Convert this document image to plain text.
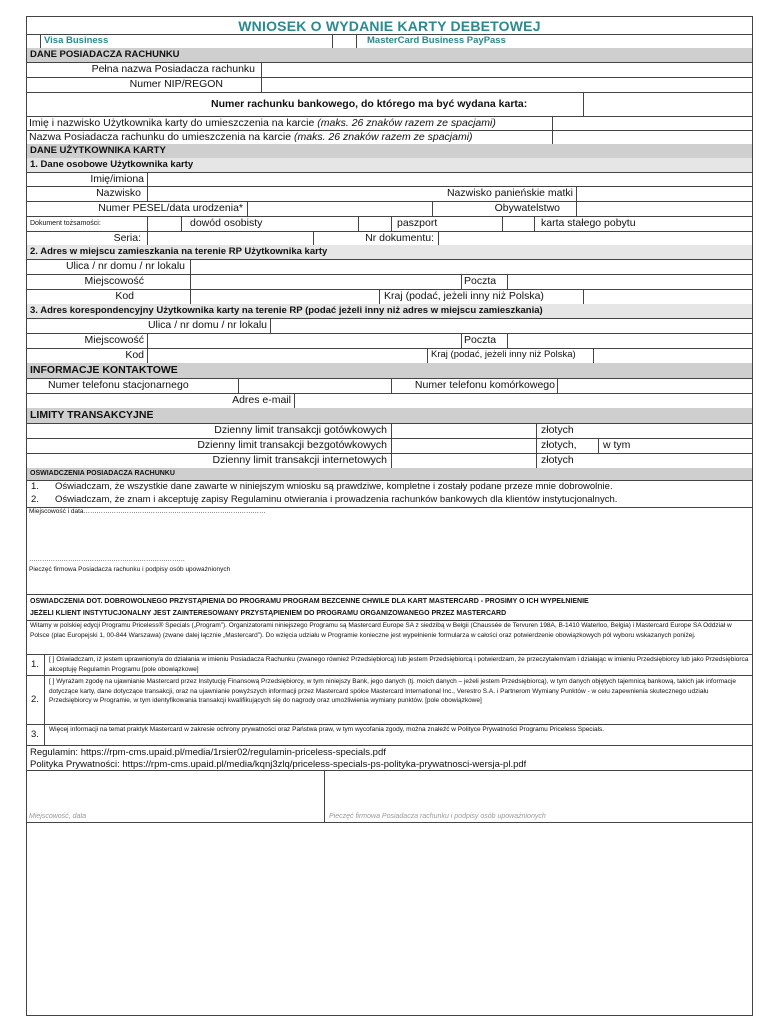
WNIOSEK O WYDANIE KARTY DEBETOWEJ
Visa Business	MasterCard Business PayPass
DANE POSIADACZA RACHUNKU
Pełna nazwa Posiadacza rachunku
Numer NIP/REGON
Numer rachunku bankowego, do którego ma być wydana karta:
Imię i nazwisko Użytkownika karty do umieszczenia na karcie (maks. 26 znaków razem ze spacjami)
Nazwa Posiadacza rachunku do umieszczenia na karcie (maks. 26 znaków razem ze spacjami)
DANE UŻYTKOWNIKA KARTY
1. Dane osobowe Użytkownika karty
Imię/imiona
Nazwisko	Nazwisko panieńskie matki
Numer PESEL/data urodzenia*	Obywatelstwo
Dokument tożsamości:	dowód osobisty	paszport	karta stałego pobytu
Seria:	Nr dokumentu:
2. Adres w miejscu zamieszkania na terenie RP Użytkownika karty
Ulica / nr domu / nr lokalu
Miejscowość	Poczta
Kod	Kraj (podać, jeżeli inny niż Polska)
3. Adres korespondencyjny Użytkownika karty na terenie RP (podać jeżeli inny niż adres w miejscu zamieszkania)
Ulica / nr domu / nr lokalu
Miejscowość	Poczta
Kod	Kraj (podać, jeżeli inny niż Polska)
INFORMACJE KONTAKTOWE
Numer telefonu stacjonarnego	Numer telefonu komórkowego
Adres e-mail
LIMITY TRANSAKCYJNE
Dzienny limit transakcji gotówkowych	złotych
Dzienny limit transakcji bezgotówkowych	złotych,	w tym
Dzienny limit transakcji internetowych	złotych
OŚWIADCZENIA POSIADACZA RACHUNKU
1. Oświadczam, że wszystkie dane zawarte w niniejszym wniosku są prawdziwe, kompletne i zostały podane przeze mnie dobrowolnie.
2. Oświadczam, że znam i akceptuję zapisy Regulaminu otwierania i prowadzenia rachunków bankowych dla klientów instytucjonalnych.
Miejscowość i data…………………………………………………………………………
………………………………………………………………
Pieczęć firmowa Posiadacza rachunku i podpisy osób upoważnionych
OŚWIADCZENIA DOT. DOBROWOLNEGO PRZYSTĄPIENIA DO PROGRAMU PROGRAM BEZCENNE CHWILE DLA KART MASTERCARD - PROSIMY O ICH WYPEŁNIENIE
JEŻELI KLIENT INSTYTUCJONALNY JEST ZAINTERESOWANY PRZYSTĄPIENIEM DO PROGRAMU ORGANIZOWANEGO PRZEZ MASTERCARD
Witamy w polskiej edycji Programu Priceless® Specials („Program”). Organizatorami niniejszego Programu są Mastercard Europe SA z siedzibą w Belgii (Chaussée de Tervuren 198A, B-1410 Waterloo, Belgia) i Mastercard Europe SA Oddział w Polsce (plac Europejski 1, 00-844 Warszawa) (zwane dalej łącznie „Mastercard”). Do wzięcia udziału w Programie konieczne jest wypełnienie formularza w całości oraz potwierdzenie obowiązkowych pól wyboru wskazanych poniżej.
1.	[ ] Oświadczam, iż jestem uprawniony/a do działania w imieniu Posiadacza Rachunku (zwanego również Przedsiębiorcą) lub jestem Przedsiębiorcą i potwierdzam, że przeczytałem/am i działając w imieniu Przedsiębiorcy lub jako Przedsiębiorca akceptuję Regulamin Programu [pole obowiązkowe]
2.
[ ] Wyrażam zgodę na ujawnianie Mastercard przez Instytucję Finansową Przedsiębiorcy, w tym niniejszy Bank, jego danych (tj. moich danych – jeżeli jestem Przedsiębiorcą), w tym danych objętych tajemnicą bankową, takich jak informacje dotyczące karty, dane dotyczące transakcji, oraz na ujawnianie powyższych informacji przez Mastercard spółce Mastercard International Inc., Verestro S.A. i Partnerom Wymiany Punktów - w celu zapewnienia skutecznego udziału Przedsiębiorcy w Programie, w tym identyfikowania transakcji kwalifikujących się do nagrody oraz umożliwienia wymiany punktów. [pole obowiązkowe]
3.	Więcej informacji na temat praktyk Mastercard w zakresie ochrony prywatności oraz Państwa praw, w tym wycofania zgody, można znaleźć w Polityce Prywatności Programu Priceless Specials.
Regulamin: https://rpm-cms.upaid.pl/media/1rsier02/regulamin-priceless-specials.pdf
Polityka Prywatności: https://rpm-cms.upaid.pl/media/kqnj3zlq/priceless-specials-ps-polityka-prywatnosci-wersja-pl.pdf
Miejscowość, data	Pieczęć firmowa Posiadacza rachunku i podpisy osób upoważnionych
